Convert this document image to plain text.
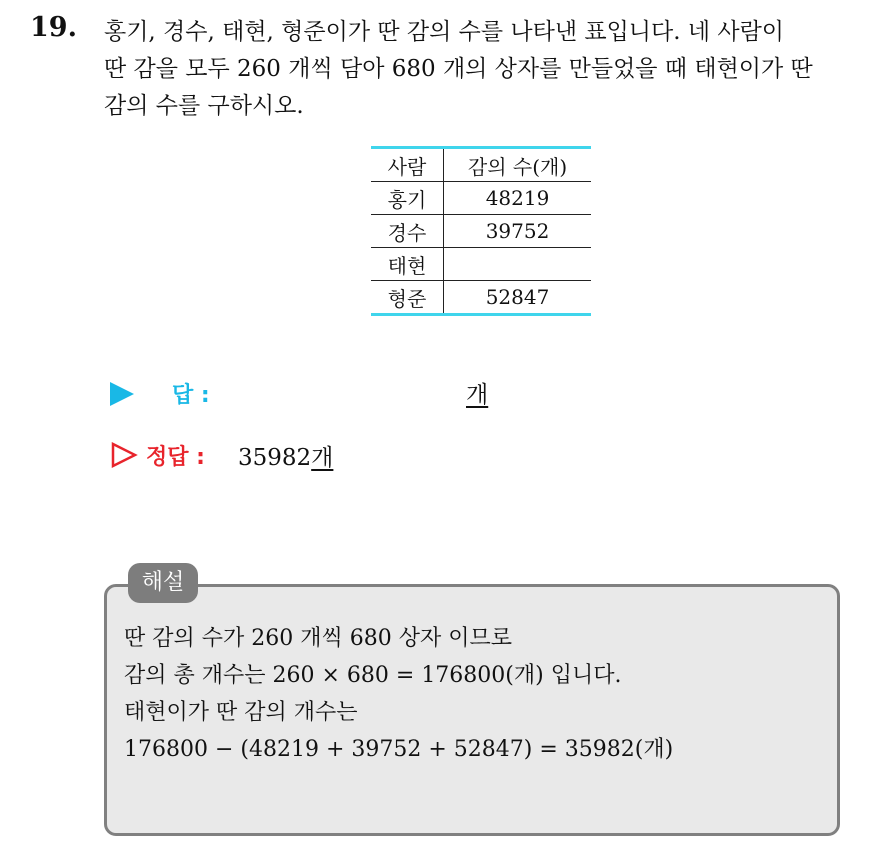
19. 홍기, 경수, 태현, 형준이가 딴 감의 수를 나타낸 표입니다. 네 사람이
딴 감을 모두 260 개씩 담아 680 개의 상자를 만들었을 때 태현이가 딴
감의 수를 구하시오.
사람	감의 수(개)
홍기	48219
경수	39752
태현	
형준	52847
답 :	개
정답 : 35982개
해설
딴 감의 수가 260 개씩 680 상자 이므로
감의 총 개수는 260 × 680 = 176800(개) 입니다.
태현이가 딴 감의 개수는
176800 − (48219 + 39752 + 52847) = 35982(개)
